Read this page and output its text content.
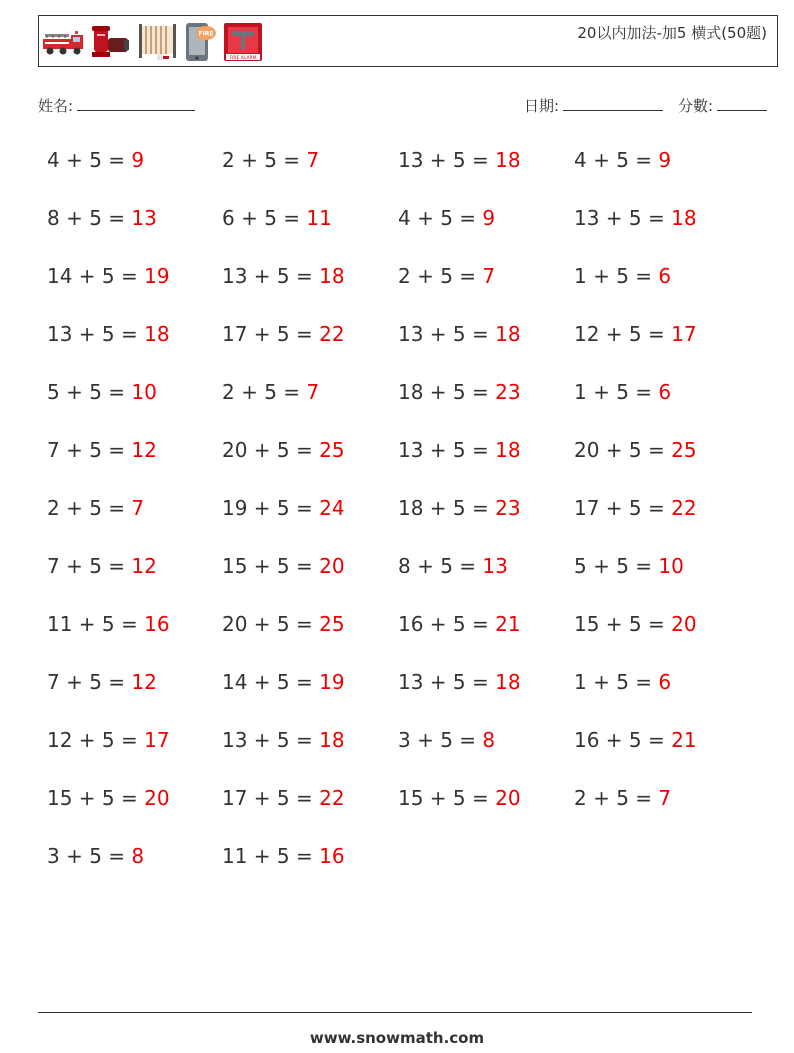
FIRE
FIRE ALARM
20以内加法-加5 横式(50题)
姓名:	日期:	分數:
4 + 5 = 9	2 + 5 = 7	13 + 5 = 18	4 + 5 = 9
8 + 5 = 13	6 + 5 = 11	4 + 5 = 9	13 + 5 = 18
14 + 5 = 19	13 + 5 = 18	2 + 5 = 7	1 + 5 = 6
13 + 5 = 18	17 + 5 = 22	13 + 5 = 18	12 + 5 = 17
5 + 5 = 10	2 + 5 = 7	18 + 5 = 23	1 + 5 = 6
7 + 5 = 12	20 + 5 = 25	13 + 5 = 18	20 + 5 = 25
2 + 5 = 7	19 + 5 = 24	18 + 5 = 23	17 + 5 = 22
7 + 5 = 12	15 + 5 = 20	8 + 5 = 13	5 + 5 = 10
11 + 5 = 16	20 + 5 = 25	16 + 5 = 21	15 + 5 = 20
7 + 5 = 12	14 + 5 = 19	13 + 5 = 18	1 + 5 = 6
12 + 5 = 17	13 + 5 = 18	3 + 5 = 8	16 + 5 = 21
15 + 5 = 20	17 + 5 = 22	15 + 5 = 20	2 + 5 = 7
3 + 5 = 8	11 + 5 = 16
www.snowmath.com
